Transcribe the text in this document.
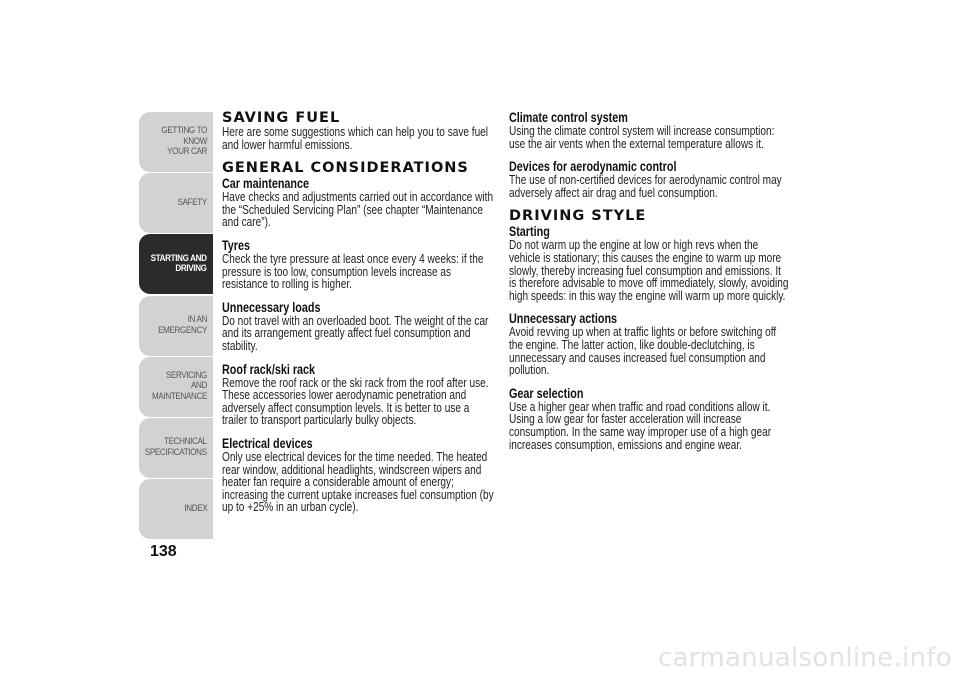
GETTING TO KNOW
YOUR CAR
SAFETY
STARTING AND
DRIVING
IN AN EMERGENCY
SERVICING AND
MAINTENANCE
TECHNICAL
SPECIFICATIONS
INDEX
138
SAVING FUEL

Here are some suggestions which can help you to save fuel and lower harmful emissions.

GENERAL CONSIDERATIONS
Car maintenance

Have checks and adjustments carried out in accordance with the “Scheduled Servicing Plan” (see chapter “Maintenance and care”).

Tyres

Check the tyre pressure at least once every 4 weeks: if the pressure is too low, consumption levels increase as resistance to rolling is higher.

Unnecessary loads

Do not travel with an overloaded boot. The weight of the car and its arrangement greatly affect fuel consumption and stability.

Roof rack/ski rack

Remove the roof rack or the ski rack from the roof after use. These accessories lower aerodynamic penetration and adversely affect consumption levels. It is better to use a trailer to transport particularly bulky objects.

Electrical devices

Only use electrical devices for the time needed. The heated rear window, additional headlights, windscreen wipers and heater fan require a considerable amount of energy; increasing the current uptake increases fuel consumption (by up to +25% in an urban cycle).

Climate control system

Using the climate control system will increase consumption: use the air vents when the external temperature allows it.

Devices for aerodynamic control

The use of non-certified devices for aerodynamic control may adversely affect air drag and fuel consumption.

DRIVING STYLE
Starting

Do not warm up the engine at low or high revs when the vehicle is stationary; this causes the engine to warm up more slowly, thereby increasing fuel consumption and emissions. It is therefore advisable to move off immediately, slowly, avoiding high speeds: in this way the engine will warm up more quickly.

Unnecessary actions

Avoid revving up when at traffic lights or before switching off the engine. The latter action, like double-declutching, is unnecessary and causes increased fuel consumption and pollution.

Gear selection

Use a higher gear when traffic and road conditions allow it. Using a low gear for faster acceleration will increase consumption. In the same way improper use of a high gear increases consumption, emissions and engine wear.

carmanualsonline.info
